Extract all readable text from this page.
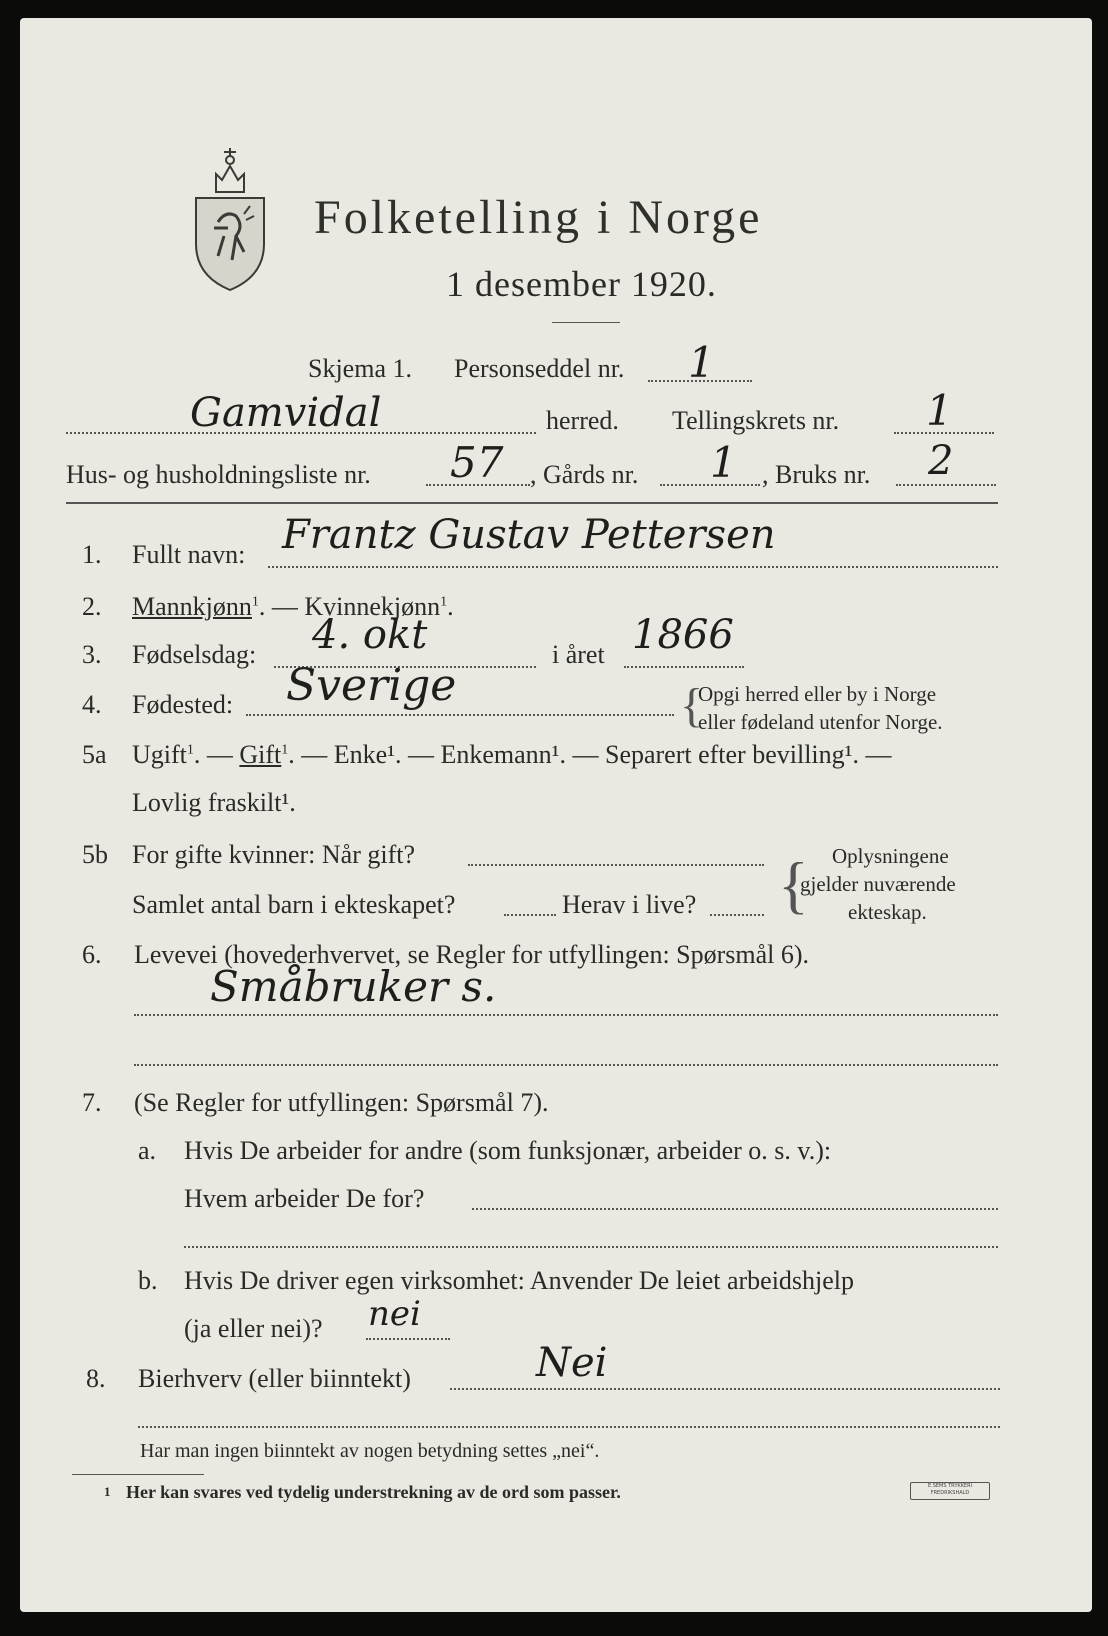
Folketelling i Norge
1 desember 1920.
Skjema 1. Personseddel nr. 1
Gamvidal	herred. Tellingskrets nr. 1
Hus- og husholdningsliste nr. 57 , Gårds nr. 1 , Bruks nr. 2
1. Fullt navn: Frantz Gustav Pettersen
2. Mannkjønn$^1$. — Kvinnekjønn$^1$.
3. Fødselsdag: 4. okt	i året 1866
4. Fødested: Sverige	{
Opgi herred eller by i Norge
eller fødeland utenfor Norge.
5a Ugift$^1$. — Gift$^1$. — Enke¹. — Enkemann¹. — Separert efter bevilling¹. —
Lovlig fraskilt¹.
5b For gifte kvinner: Når gift?
Samlet antal barn i ekteskapet?	Herav i live? { Oplysningene
gjelder nuværende
ekteskap.
6. Levevei (hovederhvervet, se Regler for utfyllingen: Spørsmål 6).
Småbruker s.
7. (Se Regler for utfyllingen: Spørsmål 7).
a. Hvis De arbeider for andre (som funksjonær, arbeider o. s. v.):
Hvem arbeider De for?
b. Hvis De driver egen virksomhet: Anvender De leiet arbeidshjelp
(ja eller nei)? nei
8. Bierhverv (eller biinntekt)	Nei
Har man ingen biinntekt av nogen betydning settes „nei“.
1 Her kan svares ved tydelig understrekning av de ord som passer.	E.SEMS TRYKKERI FREDRIKSHALD
